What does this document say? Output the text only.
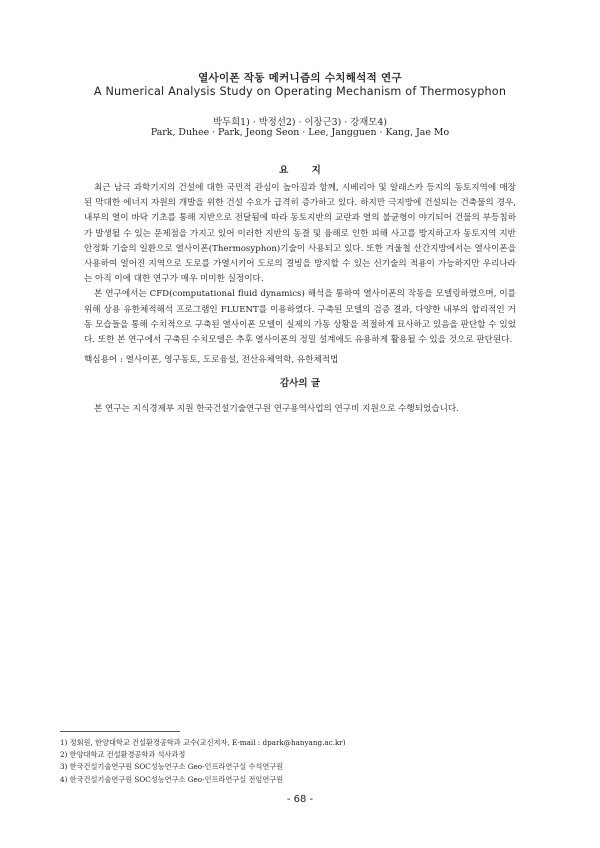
열사이폰 작동 메커니즘의 수치해석적 연구
A Numerical Analysis Study on Operating Mechanism of Thermosyphon
박두희1) · 박정선2) · 이장근3) · 강재모4)
Park, Duhee · Park, Jeong Seon · Lee, Jangguen · Kang, Jae Mo
요 지

최근 남극 과학기지의 건설에 대한 국민적 관심이 높아짐과 함께, 시베리아 및 알래스카 등지의 동토지역에 매장된 막대한 에너지 자원의 개발을 위한 건설 수요가 급격히 증가하고 있다. 하지만 극지방에 건설되는 건축물의 경우, 내부의 열이 바닥 기초를 통해 지반으로 전달됨에 따라 동토지반의 교란과 열의 불균형이 야기되어 건물의 부등침하가 발생될 수 있는 문제점을 가지고 있어 이러한 지반의 동결 및 융해로 인한 피해 사고를 방지하고자 동토지역 지반 안정화 기술의 일환으로 열사이폰(Thermosyphon)기술이 사용되고 있다. 또한 겨울철 산간지방에서는 열사이폰을 사용하여 얼어진 지역으로 도로를 가열시키어 도로의 결빙을 방지할 수 있는 신기술의 적용이 가능하지만 우리나라는 아직 이에 대한 연구가 매우 미미한 실정이다.

본 연구에서는 CFD(computational fluid dynamics) 해석을 통하여 열사이폰의 작동을 모델링하였으며, 이를 위해 상용 유한체적해석 프로그램인 FLUENT를 이용하였다. 구축된 모델의 검증 결과, 다양한 내부의 합리적인 거동 모습들을 통해 수치적으로 구축된 열사이폰 모델이 실제의 가동 상황을 적절하게 묘사하고 있음을 판단할 수 있었다. 또한 본 연구에서 구축된 수치모델은 추후 열사이폰의 정밀 설계에도 유용하게 활용될 수 있을 것으로 판단된다.

핵심용어 : 열사이폰, 영구동토, 도로융설, 전산유체역학, 유한체적법
감사의 글
본 연구는 지식경제부 지원 한국건설기술연구원 연구용역사업의 연구비 지원으로 수행되었습니다.
1) 정회원, 한양대학교 건설환경공학과 교수(교신저자, E-mail : dpark@hanyang.ac.kr)
2) 한양대학교 건설환경공학과 석사과정
3) 한국건설기술연구원 SOC성능연구소 Geo-인프라연구실 수석연구원
4) 한국건설기술연구원 SOC성능연구소 Geo-인프라연구실 전임연구원
- 68 -
